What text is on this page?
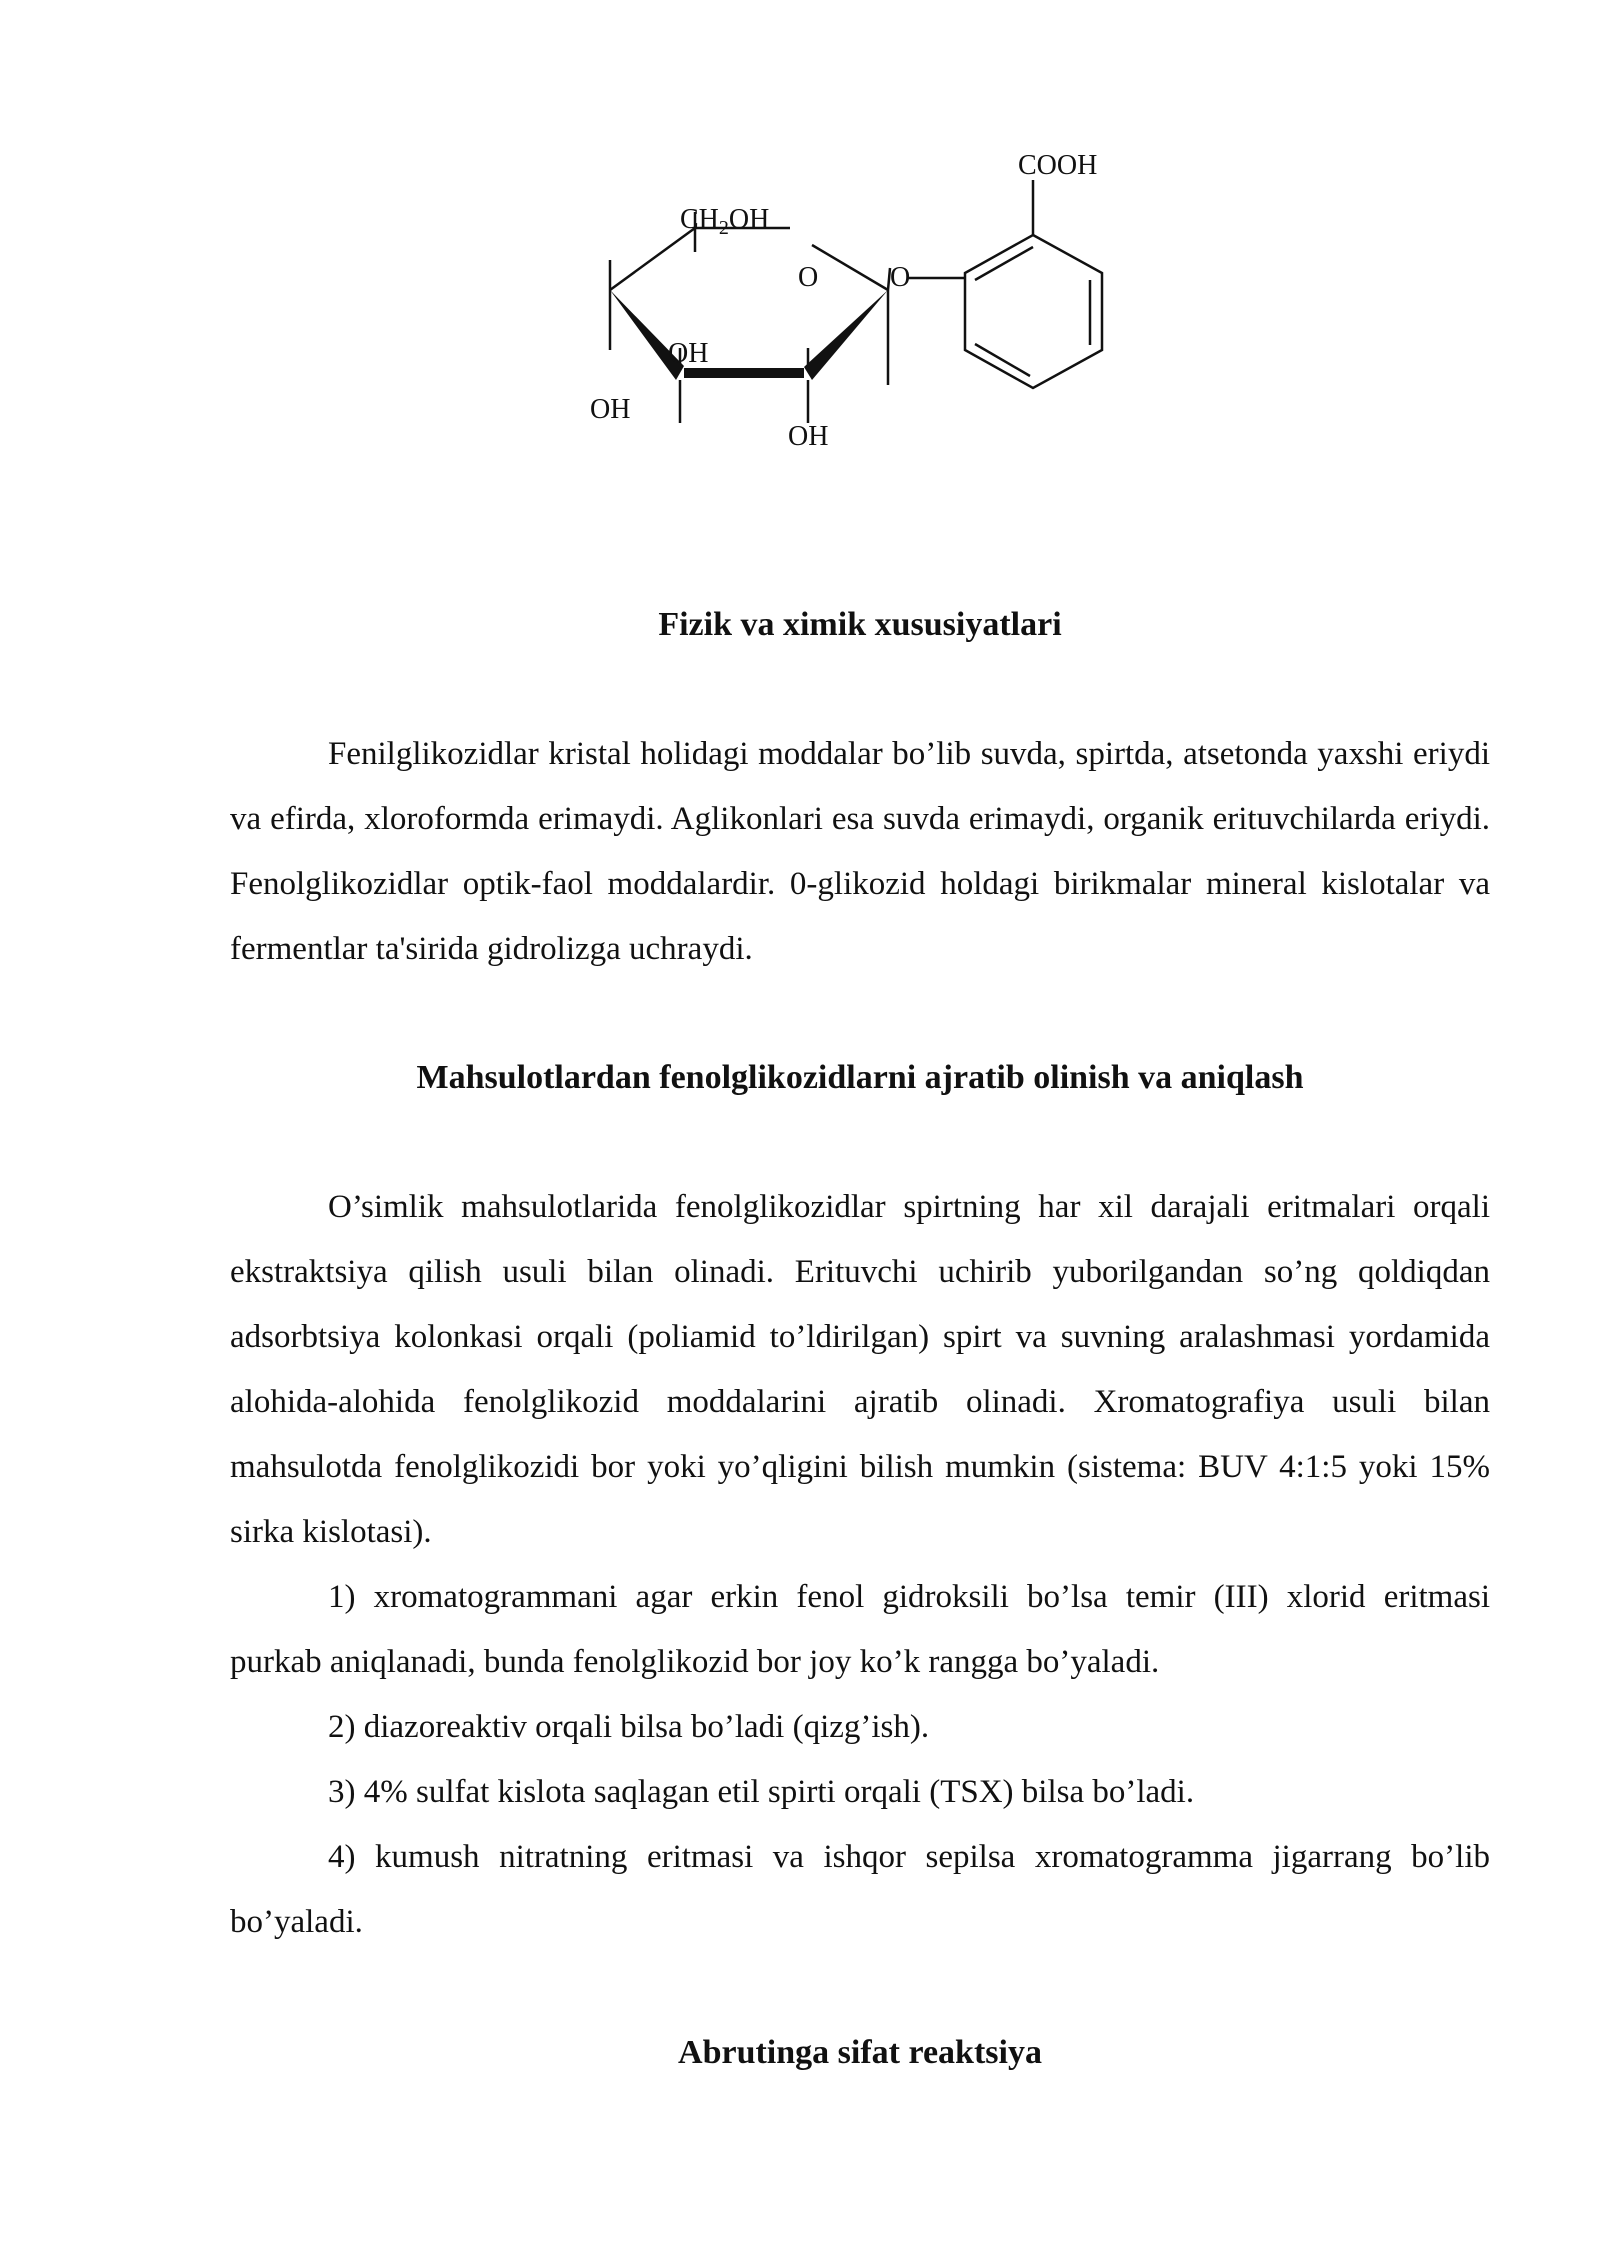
COOH
$CH_2OH$
O	O
OH
OH
OH
Fizik va ximik xususiyatlari

Fenilglikozidlar kristal holidagi moddalar bo’lib suvda, spirtda, atsetonda yaxshi eriydi va efirda, xloroformda erimaydi. Aglikonlari esa suvda erimaydi, organik erituvchilarda eriydi. Fenolglikozidlar optik-faol moddalardir. 0-glikozid holdagi birikmalar mineral kislotalar va fermentlar ta'sirida gidrolizga uchraydi.

Mahsulotlardan fenolglikozidlarni ajratib olinish va aniqlash

O’simlik mahsulotlarida fenolglikozidlar spirtning har xil darajali eritmalari orqali ekstraktsiya qilish usuli bilan olinadi. Erituvchi uchirib yuborilgandan so’ng qoldiqdan adsorbtsiya kolonkasi orqali (poliamid to’ldirilgan) spirt va suvning aralashmasi yordamida alohida-alohida fenolglikozid moddalarini ajratib olinadi. Xromatografiya usuli bilan mahsulotda fenolglikozidi bor yoki yo’qligini bilish mumkin (sistema: BUV 4:1:5 yoki 15% sirka kislotasi).

1) xromatogrammani agar erkin fenol gidroksili bo’lsa temir (III) xlorid eritmasi purkab aniqlanadi, bunda fenolglikozid bor joy ko’k rangga bo’yaladi.

2) diazoreaktiv orqali bilsa bo’ladi (qizg’ish).

3) 4% sulfat kislota saqlagan etil spirti orqali (TSX) bilsa bo’ladi.

4) kumush nitratning eritmasi va ishqor sepilsa xromatogramma jigarrang bo’lib bo’yaladi.

Abrutinga sifat reaktsiya
